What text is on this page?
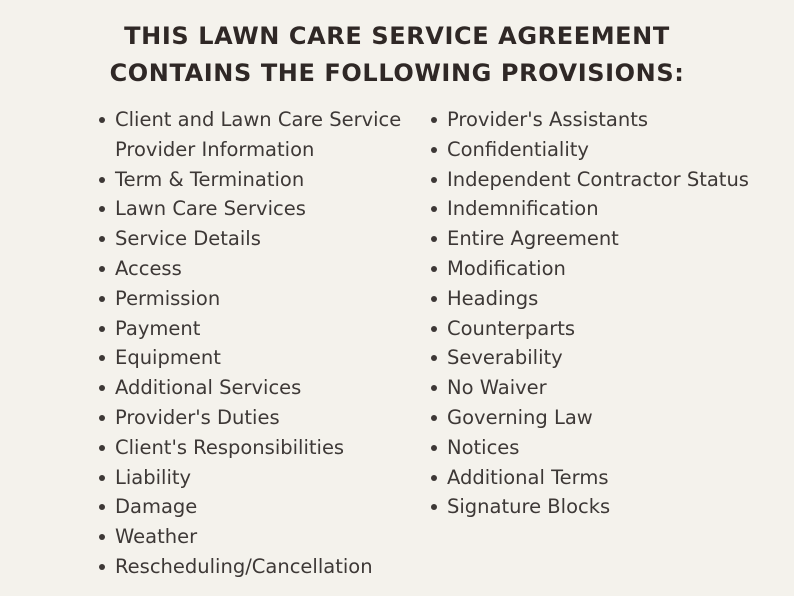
THIS LAWN CARE SERVICE AGREEMENT
CONTAINS THE FOLLOWING PROVISIONS:
Client and Lawn Care Service Provider Information
Term & Termination
Lawn Care Services
Service Details
Access
Permission
Payment
Equipment
Additional Services
Provider's Duties
Client's Responsibilities
Liability
Damage
Weather
Rescheduling/Cancellation
Provider's Assistants
Confidentiality
Independent Contractor Status
Indemnification
Entire Agreement
Modification
Headings
Counterparts
Severability
No Waiver
Governing Law
Notices
Additional Terms
Signature Blocks
